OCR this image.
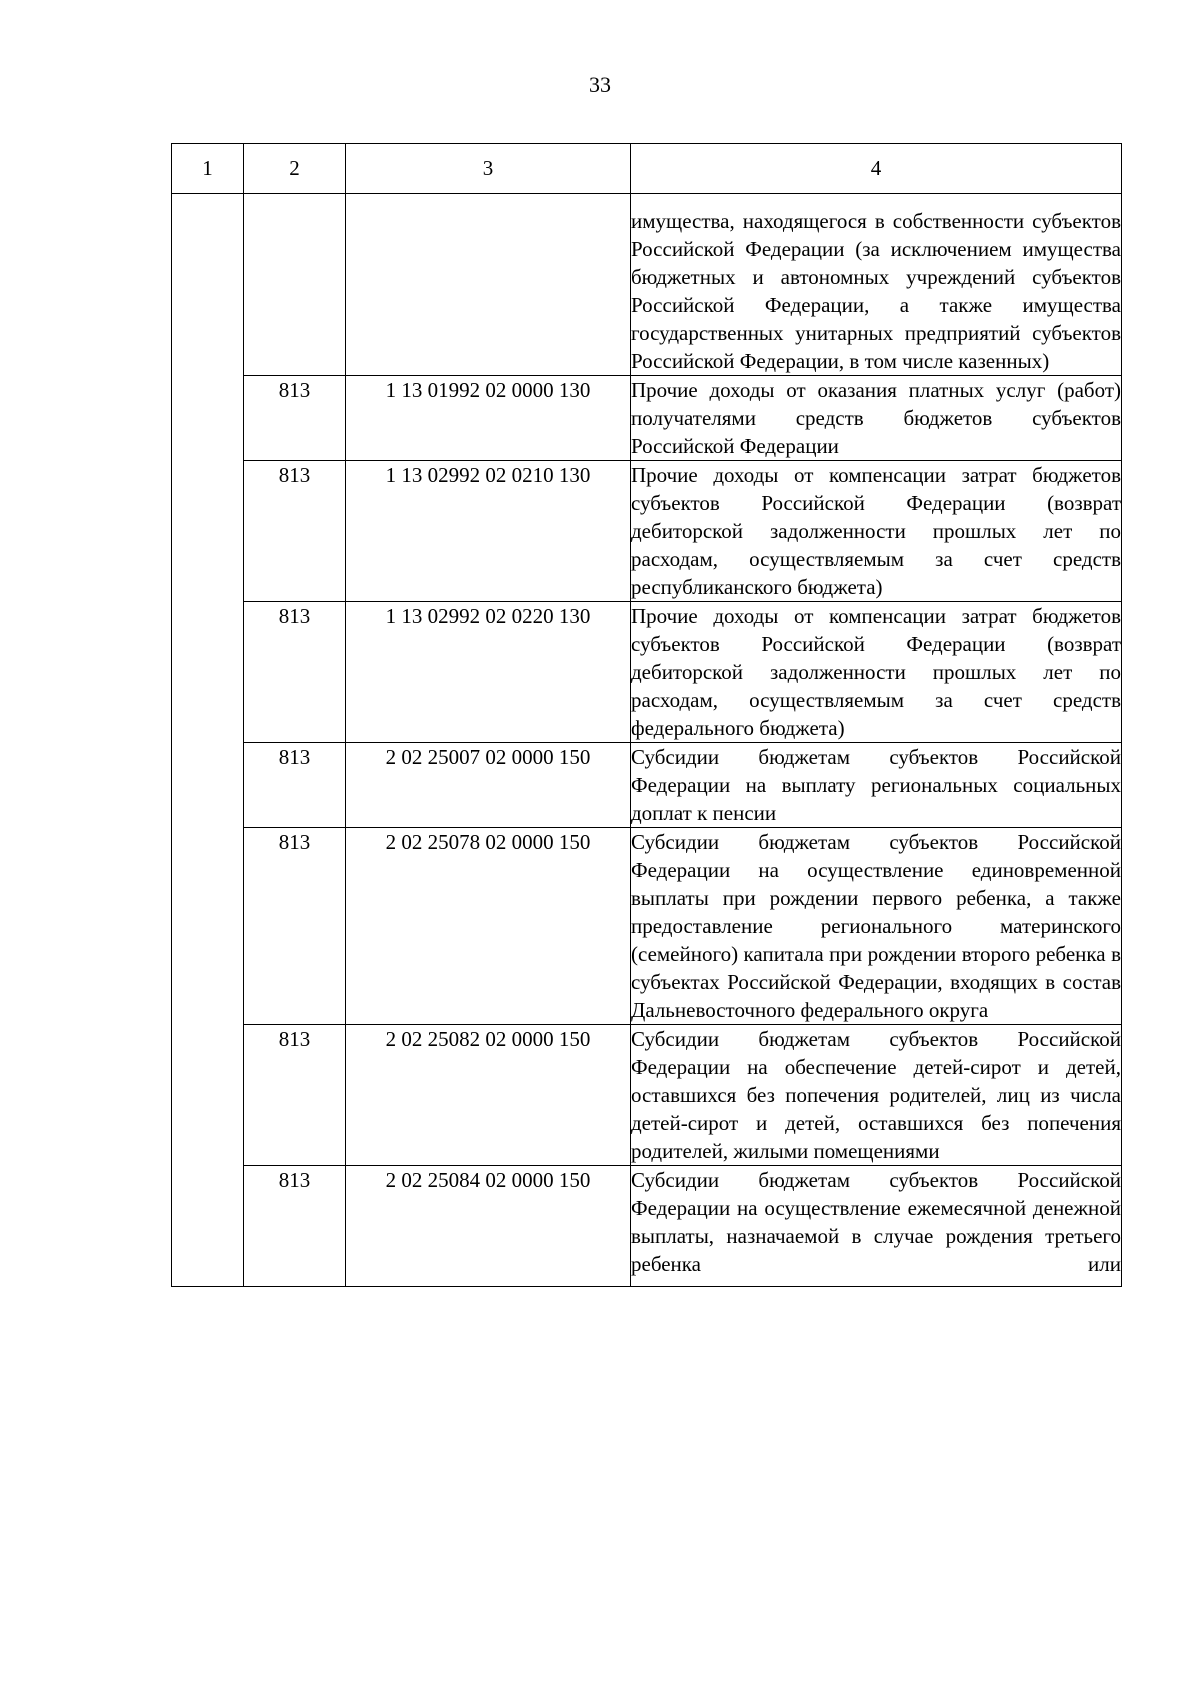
33
1	2	3	4
			имущества, находящегося в собственности субъектов Российской Федерации (за исключением имущества бюджетных и автономных учреждений субъектов Российской Федерации, а также имущества государственных унитарных предприятий субъектов Российской Федерации, в том числе казенных)
	813	1 13 01992 02 0000 130	Прочие доходы от оказания платных услуг (работ) получателями средств бюджетов субъектов Российской Федерации
	813	1 13 02992 02 0210 130	Прочие доходы от компенсации затрат бюджетов субъектов Российской Федерации (возврат дебиторской задолженности прошлых лет по расходам, осуществляемым за счет средств республиканского бюджета)
	813	1 13 02992 02 0220 130	Прочие доходы от компенсации затрат бюджетов субъектов Российской Федерации (возврат дебиторской задолженности прошлых лет по расходам, осуществляемым за счет средств федерального бюджета)
	813	2 02 25007 02 0000 150	Субсидии бюджетам субъектов Российской Федерации на выплату региональных социальных доплат к пенсии
	813	2 02 25078 02 0000 150	Субсидии бюджетам субъектов Российской Федерации на осуществление единовременной выплаты при рождении первого ребенка, а также предоставление регионального материнского (семейного) капитала при рождении второго ребенка в субъектах Российской Федерации, входящих в состав Дальневосточного федерального округа
	813	2 02 25082 02 0000 150	Субсидии бюджетам субъектов Российской Федерации на обеспечение детей-сирот и детей, оставшихся без попечения родителей, лиц из числа детей-сирот и детей, оставшихся без попечения родителей, жилыми помещениями
	813	2 02 25084 02 0000 150	Субсидии бюджетам субъектов Российской Федерации на осуществление ежемесячной денежной выплаты, назначаемой в случае рождения третьего ребенка или
